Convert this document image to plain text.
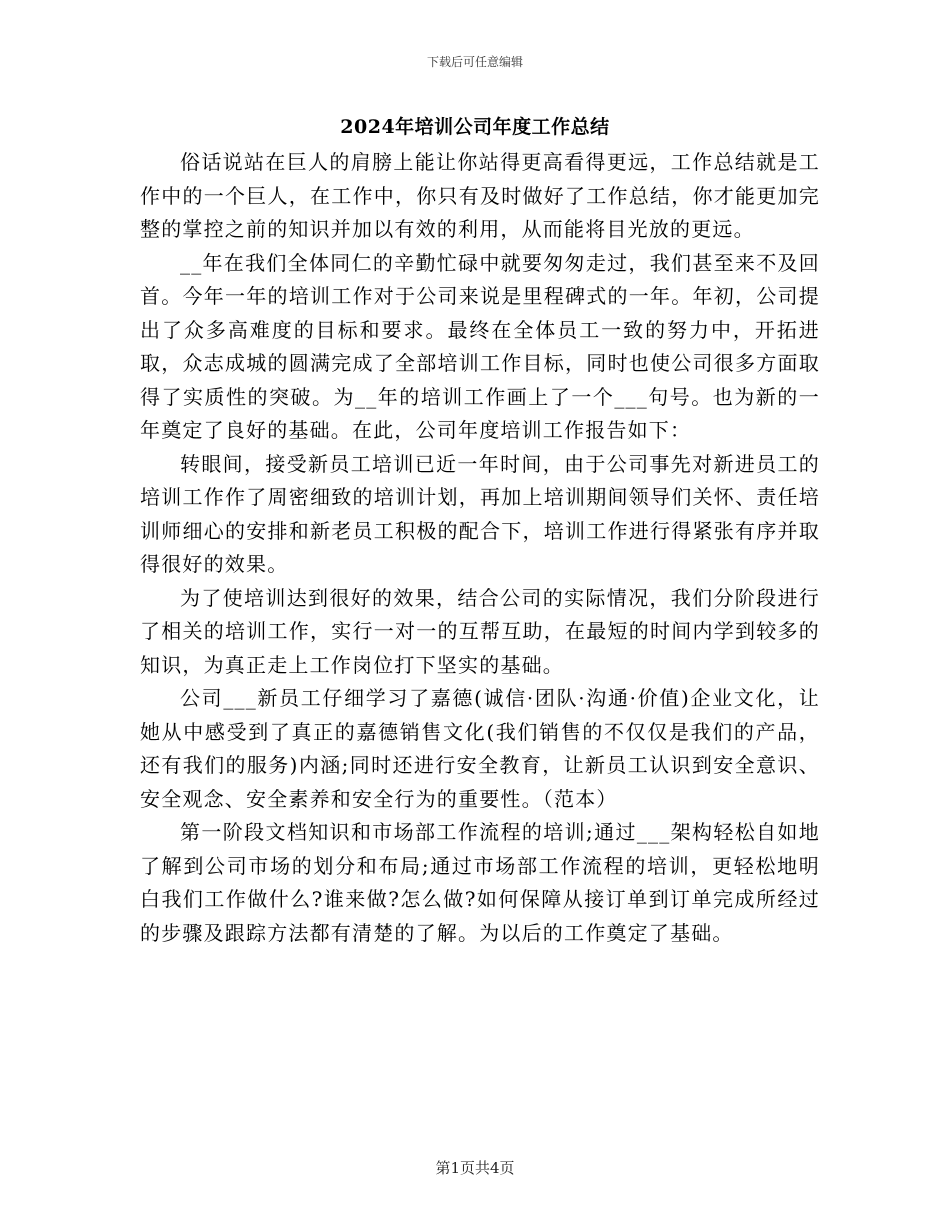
下载后可任意编辑
2024年培训公司年度工作总结

俗话说站在巨人的肩膀上能让你站得更高看得更远，工作总结就是工作中的一个巨人，在工作中，你只有及时做好了工作总结，你才能更加完整的掌控之前的知识并加以有效的利用，从而能将目光放的更远。

__年在我们全体同仁的辛勤忙碌中就要匆匆走过，我们甚至来不及回首。今年一年的培训工作对于公司来说是里程碑式的一年。年初，公司提出了众多高难度的目标和要求。最终在全体员工一致的努力中，开拓进取，众志成城的圆满完成了全部培训工作目标，同时也使公司很多方面取得了实质性的突破。为__年的培训工作画上了一个___句号。也为新的一年奠定了良好的基础。在此，公司年度培训工作报告如下：

转眼间，接受新员工培训已近一年时间，由于公司事先对新进员工的培训工作作了周密细致的培训计划，再加上培训期间领导们关怀、责任培训师细心的安排和新老员工积极的配合下，培训工作进行得紧张有序并取得很好的效果。

为了使培训达到很好的效果，结合公司的实际情况，我们分阶段进行了相关的培训工作，实行一对一的互帮互助，在最短的时间内学到较多的知识，为真正走上工作岗位打下坚实的基础。

公司___新员工仔细学习了嘉德(诚信·团队·沟通·价值)企业文化，让她从中感受到了真正的嘉德销售文化(我们销售的不仅仅是我们的产品，还有我们的服务)内涵;同时还进行安全教育，让新员工认识到安全意识、安全观念、安全素养和安全行为的重要性。（范本）

第一阶段文档知识和市场部工作流程的培训;通过___架构轻松自如地了解到公司市场的划分和布局;通过市场部工作流程的培训，更轻松地明白我们工作做什么?谁来做?怎么做?如何保障从接订单到订单完成所经过的步骤及跟踪方法都有清楚的了解。为以后的工作奠定了基础。

第1页共4页
